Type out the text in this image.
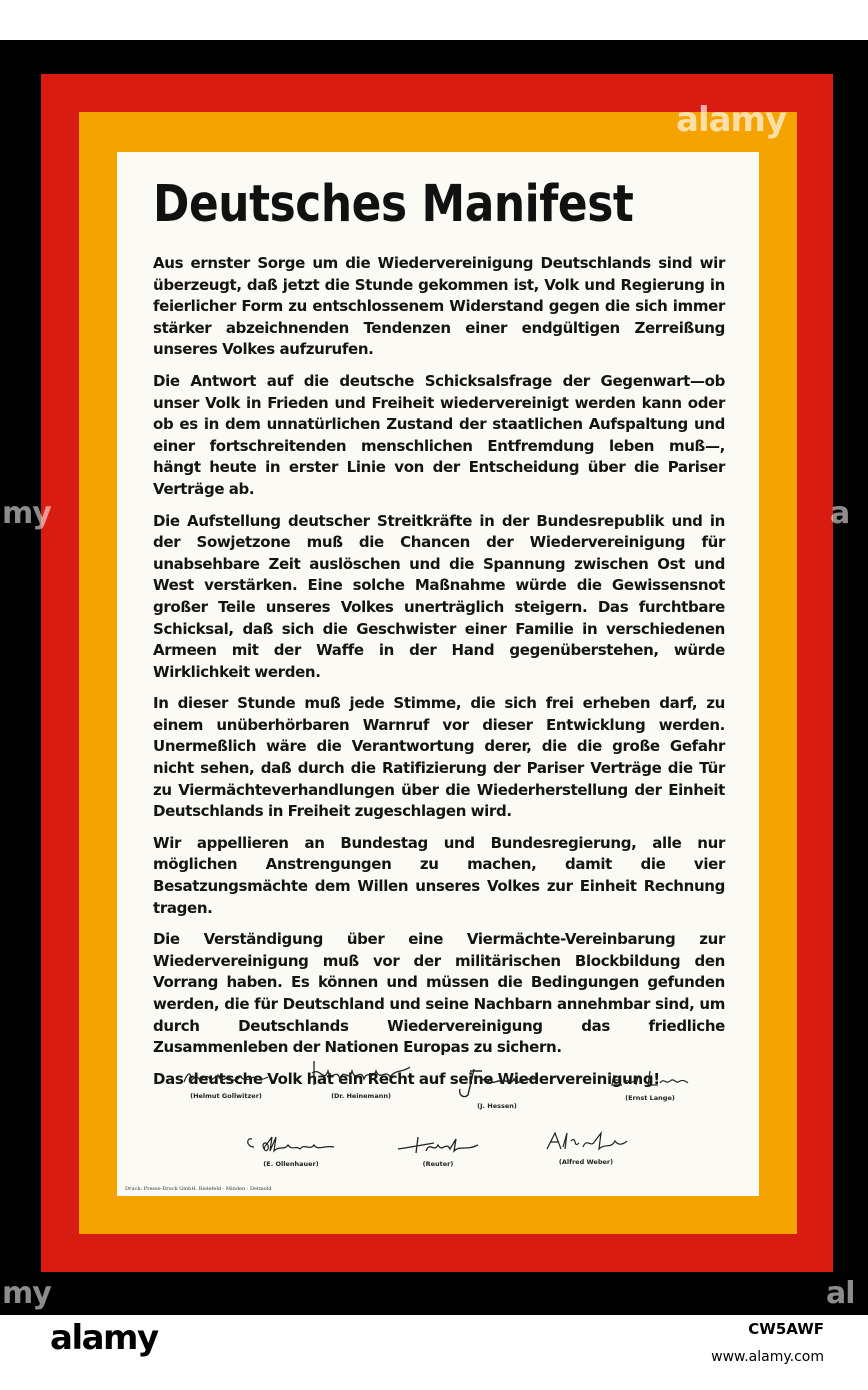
Deutsches Manifest

Aus ernster Sorge um die Wiedervereinigung Deutschlands sind wir überzeugt, daß jetzt die Stunde gekommen ist, Volk und Regierung in feierlicher Form zu entschlossenem Widerstand gegen die sich immer stärker abzeichnenden Tendenzen einer endgültigen Zerreißung unseres Volkes aufzurufen.

Die Antwort auf die deutsche Schicksalsfrage der Gegenwart—ob unser Volk in Frieden und Freiheit wiedervereinigt werden kann oder ob es in dem unnatürlichen Zustand der staatlichen Aufspaltung und einer fortschreitenden menschlichen Entfremdung leben muß—, hängt heute in erster Linie von der Entscheidung über die Pariser Verträge ab.

Die Aufstellung deutscher Streitkräfte in der Bundesrepublik und in der Sowjetzone muß die Chancen der Wiedervereinigung für unabsehbare Zeit auslöschen und die Spannung zwischen Ost und West verstärken. Eine solche Maßnahme würde die Gewissensnot großer Teile unseres Volkes unerträglich steigern. Das furchtbare Schicksal, daß sich die Geschwister einer Familie in verschiedenen Armeen mit der Waffe in der Hand gegenüberstehen, würde Wirklichkeit werden.

In dieser Stunde muß jede Stimme, die sich frei erheben darf, zu einem unüberhörbaren Warnruf vor dieser Entwicklung werden. Unermeßlich wäre die Verantwortung derer, die die große Gefahr nicht sehen, daß durch die Ratifizierung der Pariser Verträge die Tür zu Viermächteverhandlungen über die Wiederherstellung der Einheit Deutschlands in Freiheit zugeschlagen wird.

Wir appellieren an Bundestag und Bundesregierung, alle nur möglichen Anstrengungen zu machen, damit die vier Besatzungsmächte dem Willen unseres Volkes zur Einheit Rechnung tragen.

Die Verständigung über eine Viermächte-Vereinbarung zur Wiedervereinigung muß vor der militärischen Blockbildung den Vorrang haben. Es können und müssen die Bedingungen gefunden werden, die für Deutschland und seine Nachbarn annehmbar sind, um durch Deutschlands Wiedervereinigung das friedliche Zusammenleben der Nationen Europas zu sichern.

Das deutsche Volk hat ein Recht auf seine Wiedervereinigung!

(Helmut Gollwitzer)	(Dr. Heinemann)
(J. Hessen)
(Ernst Lange)
(E. Ollenhauer)	(Reuter)	(Alfred Weber)
Druck: Presse-Druck GmbH. Bielefeld · Minden · Detmold
alamy
my	a
my	al
alamy	CW5AWF
www.alamy.com
